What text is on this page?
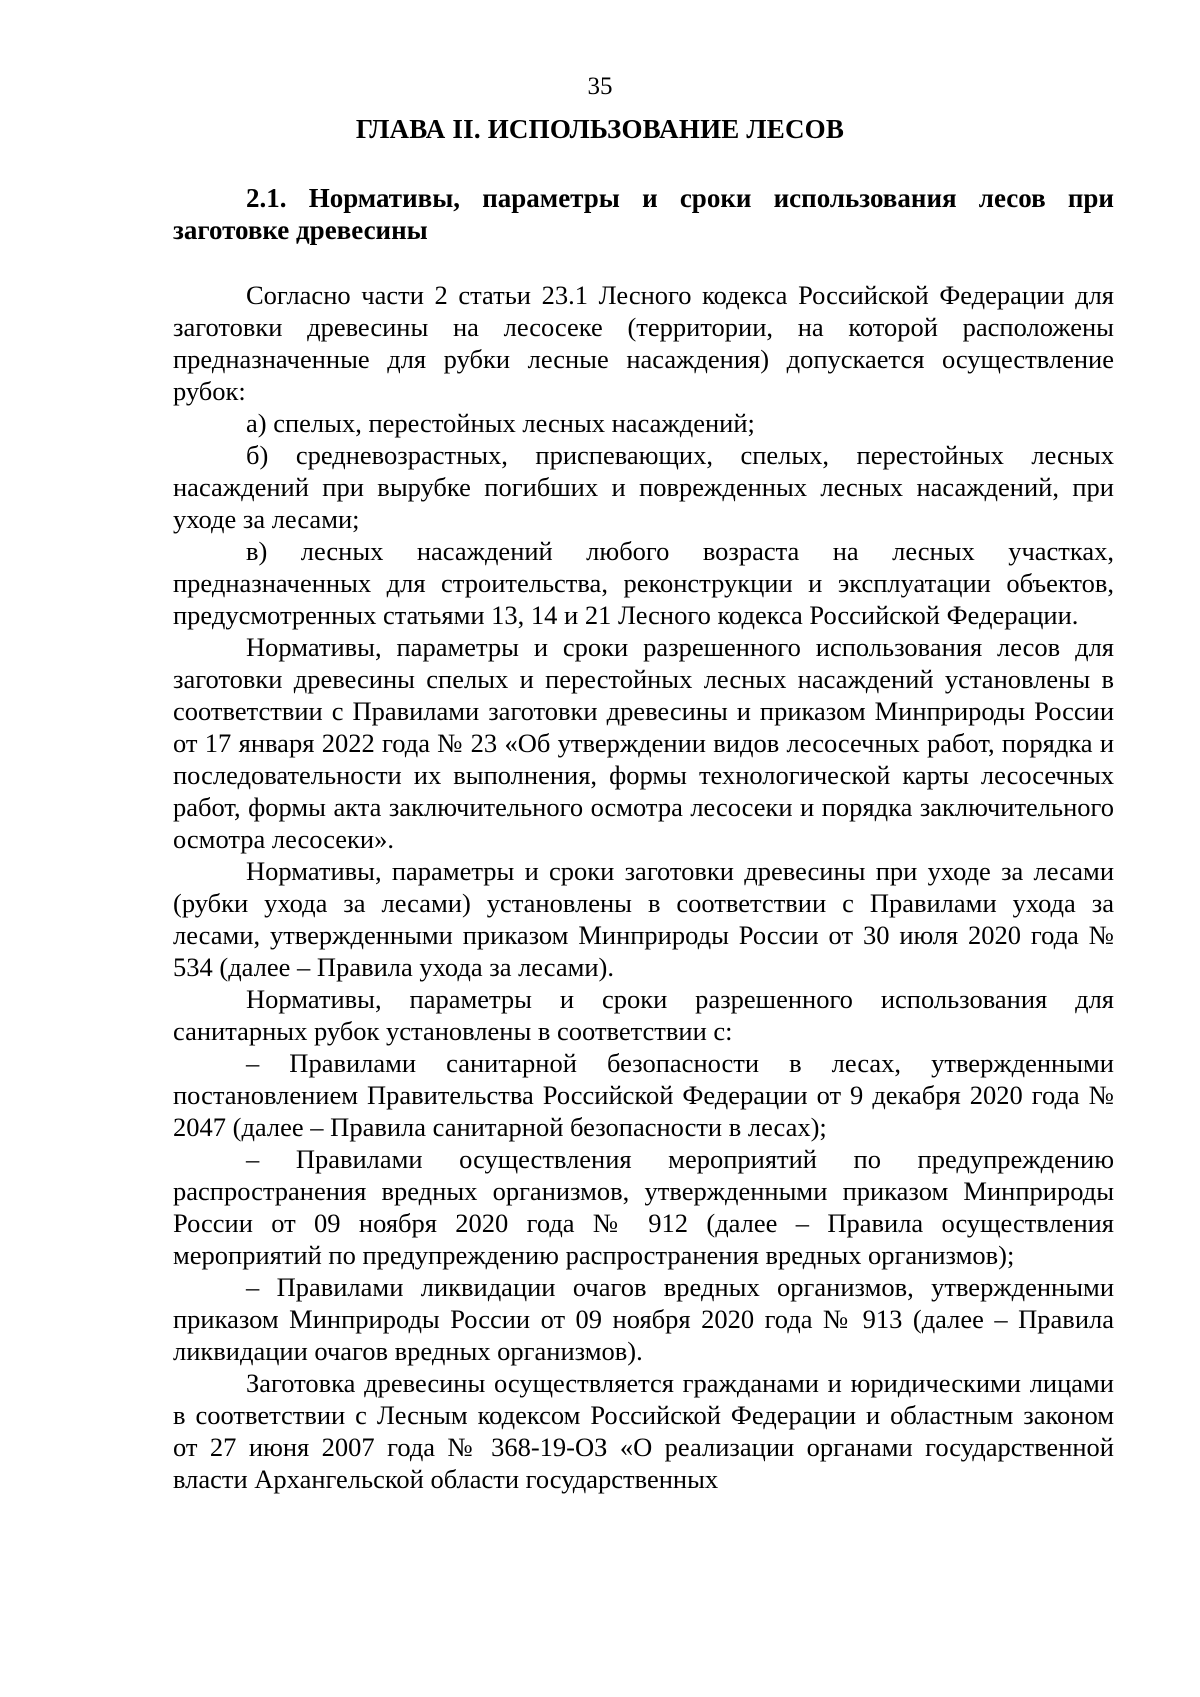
35
ГЛАВА II. ИСПОЛЬЗОВАНИЕ ЛЕСОВ
2.1. Нормативы, параметры и сроки использования лесов при заготовке древесины

Согласно части 2 статьи 23.1 Лесного кодекса Российской Федерации для заготовки древесины на лесосеке (территории, на которой расположены предназначенные для рубки лесные насаждения) допускается осуществление рубок:

а) спелых, перестойных лесных насаждений;

б) средневозрастных, приспевающих, спелых, перестойных лесных насаждений при вырубке погибших и поврежденных лесных насаждений, при уходе за лесами;

в) лесных насаждений любого возраста на лесных участках, предназначенных для строительства, реконструкции и эксплуатации объектов, предусмотренных статьями 13, 14 и 21 Лесного кодекса Российской Федерации.

Нормативы, параметры и сроки разрешенного использования лесов для заготовки древесины спелых и перестойных лесных насаждений установлены в соответствии с Правилами заготовки древесины и приказом Минприроды России от 17 января 2022 года № 23 «Об утверждении видов лесосечных работ, порядка и последовательности их выполнения, формы технологической карты лесосечных работ, формы акта заключительного осмотра лесосеки и порядка заключительного осмотра лесосеки».

Нормативы, параметры и сроки заготовки древесины при уходе за лесами (рубки ухода за лесами) установлены в соответствии с Правилами ухода за лесами, утвержденными приказом Минприроды России от 30 июля 2020 года № 534 (далее – Правила ухода за лесами).

Нормативы, параметры и сроки разрешенного использования для санитарных рубок установлены в соответствии с:

– Правилами санитарной безопасности в лесах, утвержденными постановлением Правительства Российской Федерации от 9 декабря 2020 года № 2047 (далее – Правила санитарной безопасности в лесах);

– Правилами осуществления мероприятий по предупреждению распространения вредных организмов, утвержденными приказом Минприроды России от 09 ноября 2020 года № 912 (далее – Правила осуществления мероприятий по предупреждению распространения вредных организмов);

– Правилами ликвидации очагов вредных организмов, утвержденными приказом Минприроды России от 09 ноября 2020 года № 913 (далее – Правила ликвидации очагов вредных организмов).

Заготовка древесины осуществляется гражданами и юридическими лицами в соответствии с Лесным кодексом Российской Федерации и областным законом от 27 июня 2007 года № 368-19-ОЗ «О реализации органами государственной власти Архангельской области государственных
